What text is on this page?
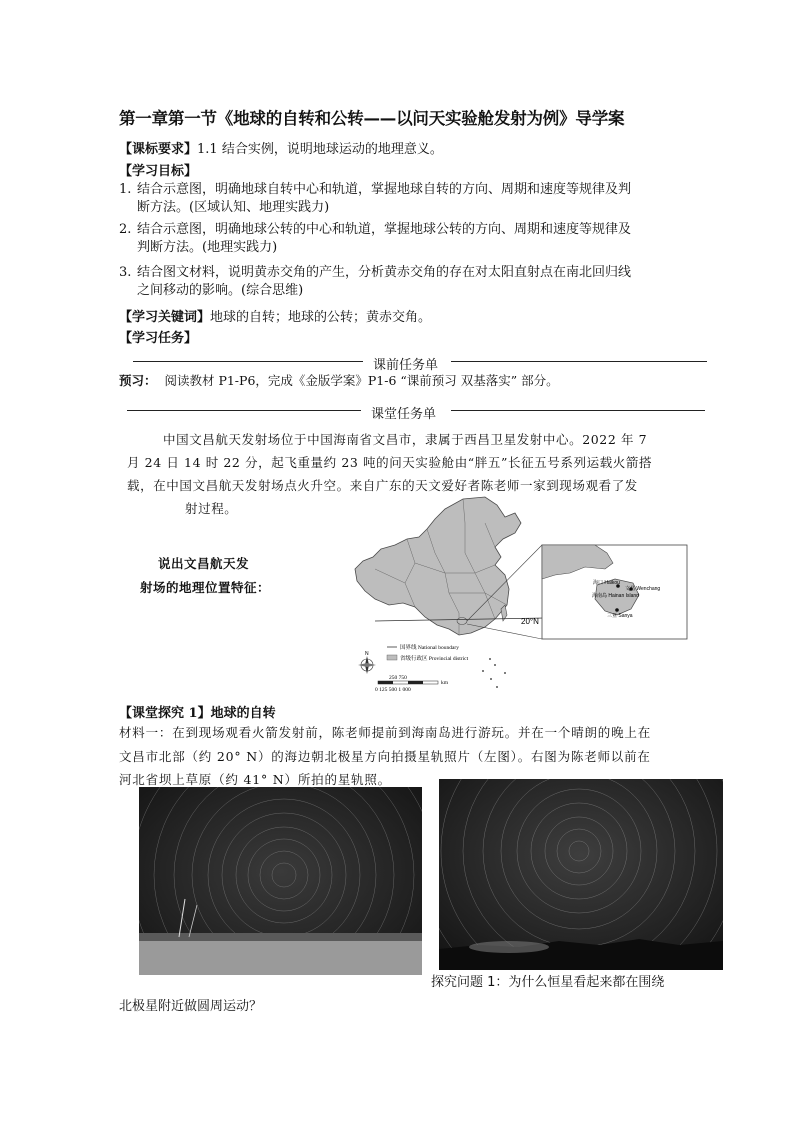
第一章第一节《地球的自转和公转——以问天实验舱发射为例》导学案
【课标要求】1.1 结合实例，说明地球运动的地理意义。
【学习目标】
1. 结合示意图，明确地球自转中心和轨道，掌握地球自转的方向、周期和速度等规律及判
断方法。(区域认知、地理实践力)
2. 结合示意图，明确地球公转的中心和轨道，掌握地球公转的方向、周期和速度等规律及
判断方法。(地理实践力)
3. 结合图文材料，说明黄赤交角的产生，分析黄赤交角的存在对太阳直射点在南北回归线
之间移动的影响。(综合思维)
【学习关键词】地球的自转；地球的公转；黄赤交角。
【学习任务】
课前任务单
预习： 阅读教材 P1-P6，完成《金版学案》P1-6 “课前预习 双基落实” 部分。
课堂任务单

中国文昌航天发射场位于中国海南省文昌市，隶属于西昌卫星发射中心。2022 年 7

月 24 日 14 时 22 分，起飞重量约 23 吨的问天实验舱由“胖五”长征五号系列运载火箭搭
载，在中国文昌航天发射场点火升空。来自广东的天文爱好者陈老师一家到现场观看了发
射过程。
说出文昌航天发
射场的地理位置特征：
20°N
海口 Haikou
文昌 Wenchang
海南岛 Hainan Island
三亚 Sanya
N
国界线 National boundary
省级行政区 Provincial district
250 750
km
0 125 500 1 000
【课堂探究 1】地球的自转
材料一：在到现场观看火箭发射前，陈老师提前到海南岛进行游玩。并在一个晴朗的晚上在
文昌市北部（约 20° N）的海边朝北极星方向拍摄星轨照片（左图）。右图为陈老师以前在
河北省坝上草原（约 41° N）所拍的星轨照。
探究问题 1：为什么恒星看起来都在围绕
北极星附近做圆周运动？
